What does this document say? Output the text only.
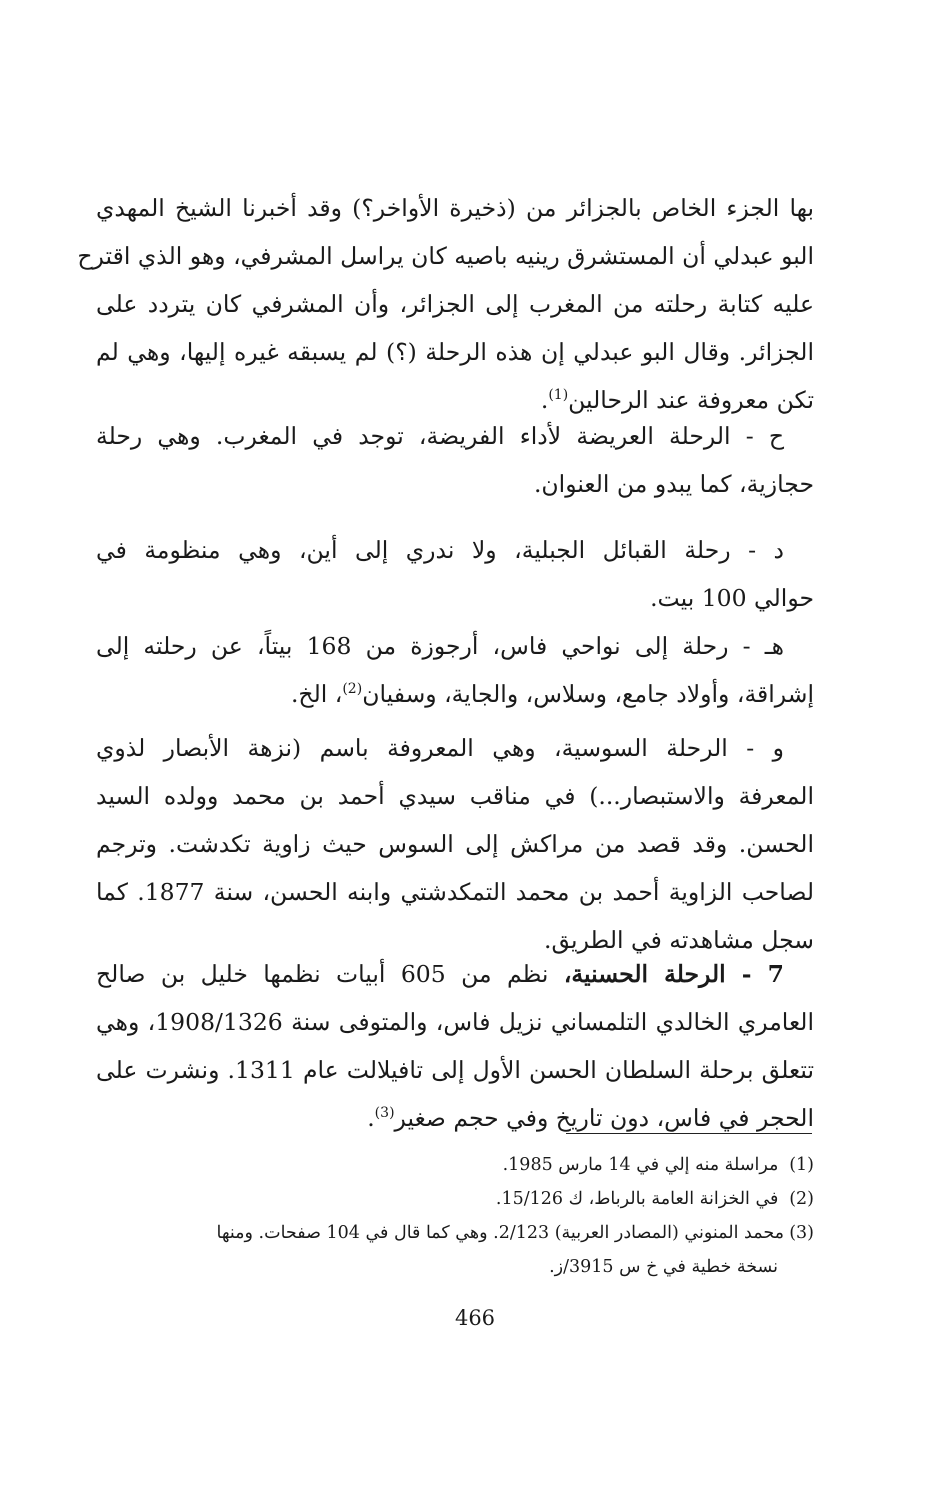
بها الجزء الخاص بالجزائر من (ذخيرة الأواخر؟) وقد أخبرنا الشيخ المهدي
البو عبدلي أن المستشرق رينيه باصيه كان يراسل المشرفي، وهو الذي اقترح
عليه كتابة رحلته من المغرب إلى الجزائر، وأن المشرفي كان يتردد على
الجزائر. وقال البو عبدلي إن هذه الرحلة (؟) لم يسبقه غيره إليها، وهي لم
تكن معروفة عند الرحالين$^{(1)}$.
ح - الرحلة العريضة لأداء الفريضة، توجد في المغرب. وهي رحلة
حجازية، كما يبدو من العنوان.
د - رحلة القبائل الجبلية، ولا ندري إلى أين، وهي منظومة في
حوالي 100 بيت.
هـ - رحلة إلى نواحي فاس، أرجوزة من 168 بيتاً، عن رحلته إلى
إشراقة، وأولاد جامع، وسلاس، والجاية، وسفيان$^{(2)}$، الخ.
و - الرحلة السوسية، وهي المعروفة باسم (نزهة الأبصار لذوي
المعرفة والاستبصار...) في مناقب سيدي أحمد بن محمد وولده السيد
الحسن. وقد قصد من مراكش إلى السوس حيث زاوية تكدشت. وترجم
لصاحب الزاوية أحمد بن محمد التمكدشتي وابنه الحسن، سنة 1877. كما
سجل مشاهدته في الطريق.
7 - الرحلة الحسنية، نظم من 605 أبيات نظمها خليل بن صالح
العامري الخالدي التلمساني نزيل فاس، والمتوفى سنة 1908/1326، وهي
تتعلق برحلة السلطان الحسن الأول إلى تافيلالت عام 1311. ونشرت على
الحجر في فاس، دون تاريخ وفي حجم صغير$^{(3)}$.
(1) مراسلة منه إلي في 14 مارس 1985.
(2) في الخزانة العامة بالرباط، ك 15/126.
(3)محمد المنوني (المصادر العربية) 2/123. وهي كما قال في 104 صفحات. ومنها
نسخة خطية في خ س 3915/ز.
466
